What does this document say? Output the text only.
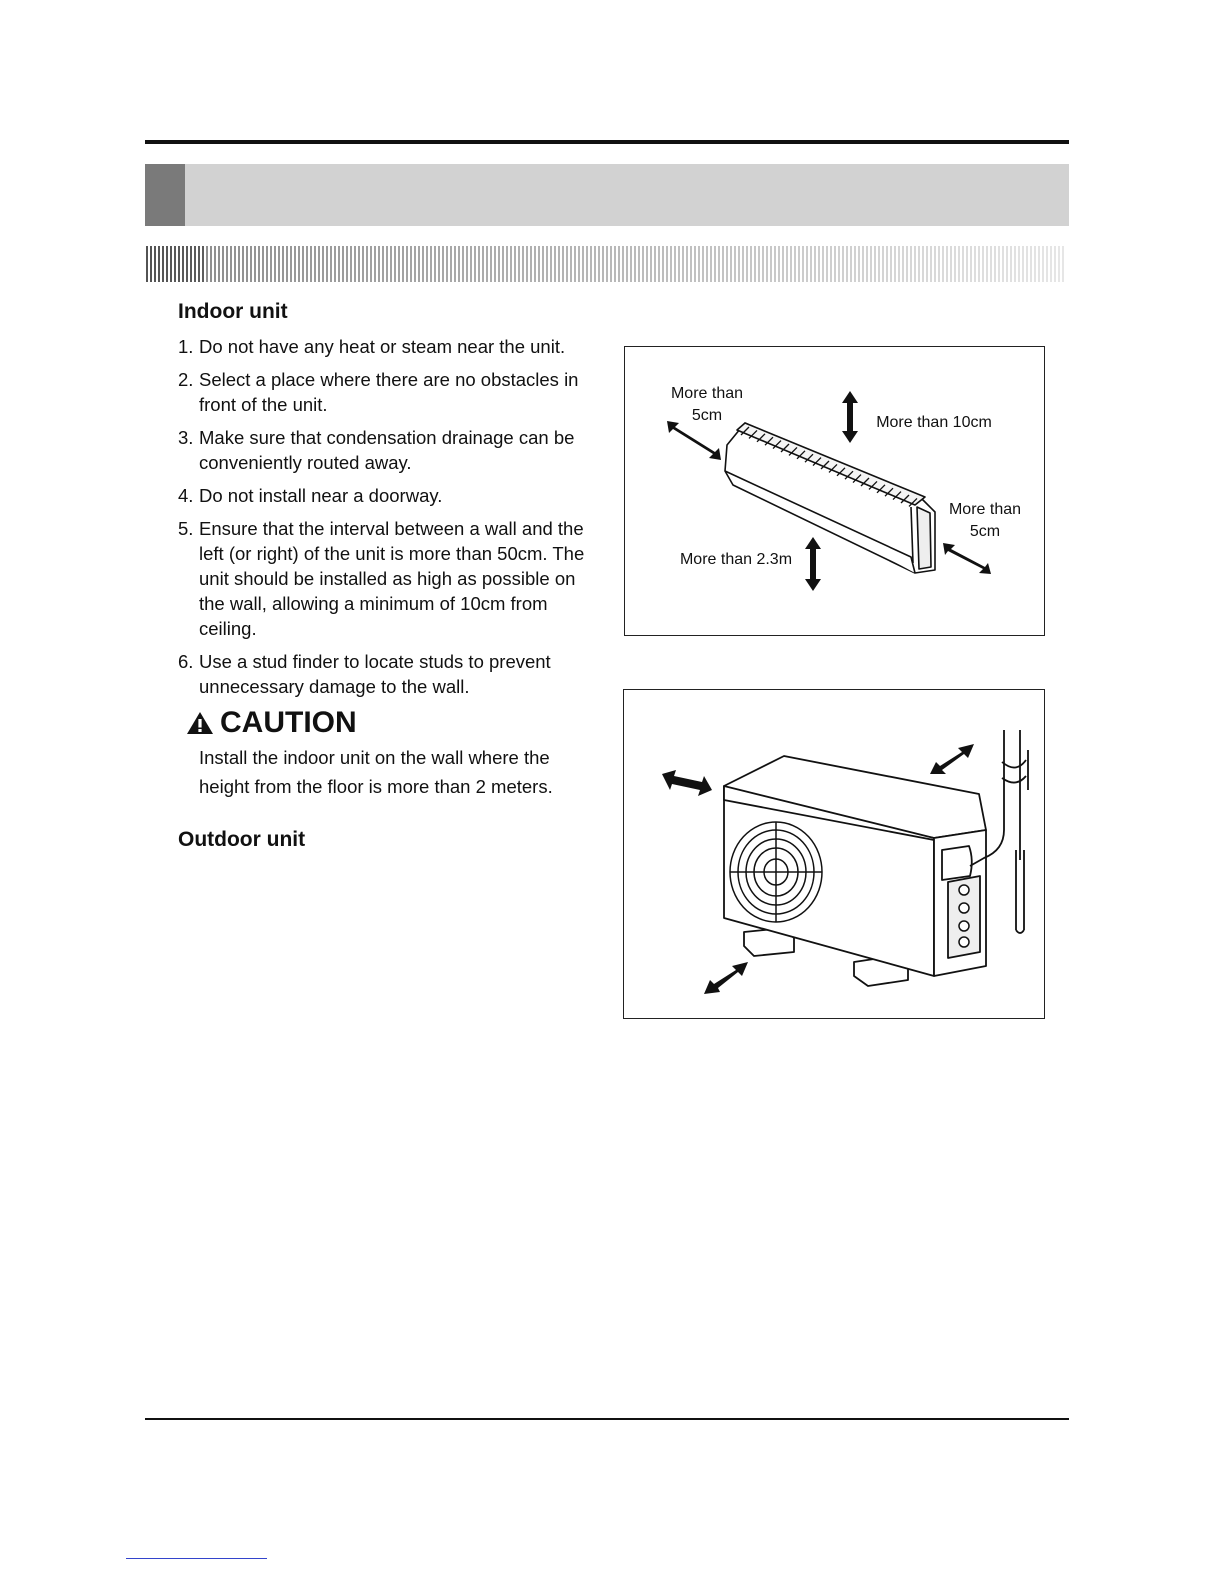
Indoor unit
1. Do not have any heat or steam near the unit.
2. Select a place where there are no obstacles in front of the unit.
3. Make sure that condensation drainage can be conveniently routed away.
4. Do not install near a doorway.
5. Ensure that the interval between a wall and the left (or right) of the unit is more than 50cm. The unit should be installed as high as possible on the wall, allowing a minimum of 10cm from ceiling.
6. Use a stud finder to locate studs to prevent unnecessary damage to the wall.
CAUTION

Install the indoor unit on the wall where the height from the floor is more than 2 meters.

Outdoor unit
More than
5cm	More than 10cm
More than
5cm
More than 2.3m
